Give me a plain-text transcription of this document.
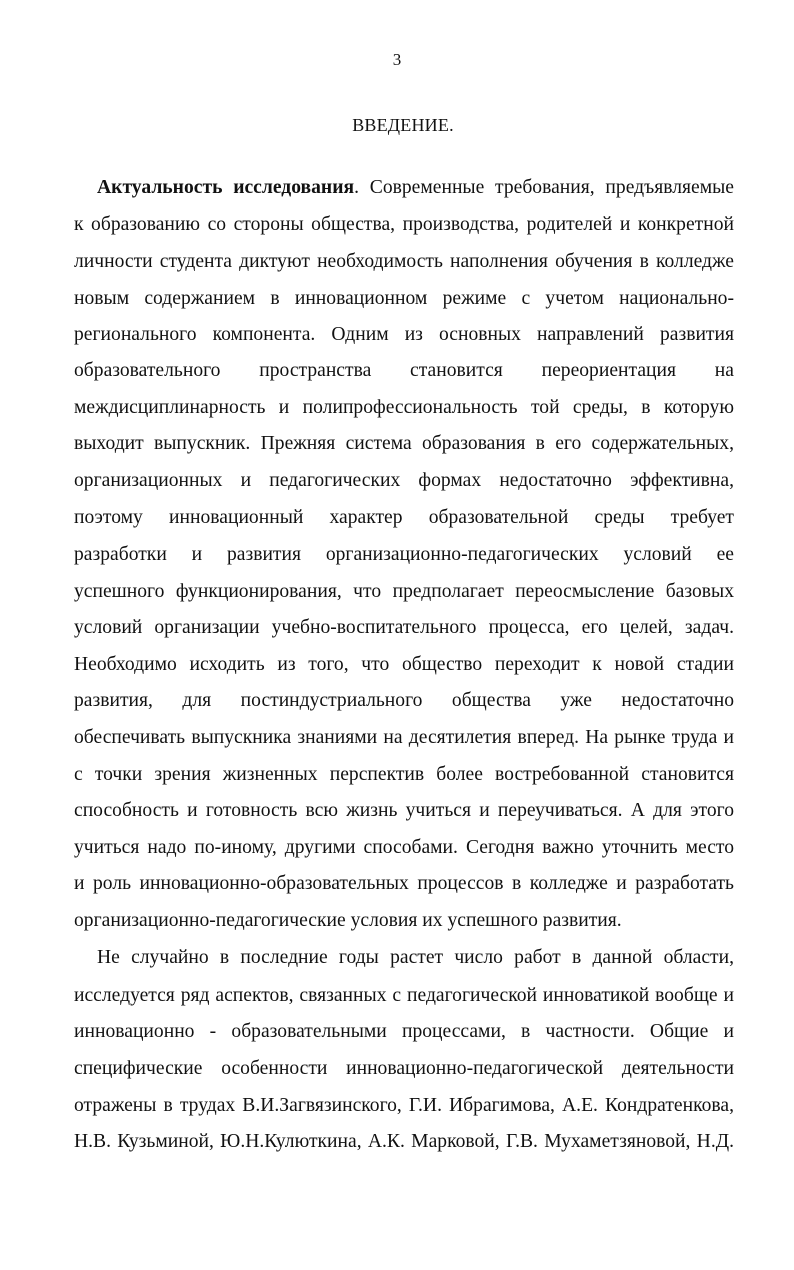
3
ВВЕДЕНИЕ.
Актуальность исследования. Современные требования, предъявляемые
к образованию со стороны общества, производства, родителей и конкретной
личности студента диктуют необходимость наполнения обучения в колледже
новым содержанием в инновационном режиме с учетом национально-
регионального компонента. Одним из основных направлений развития
образовательного пространства становится переориентация на
междисциплинарность и полипрофессиональность той среды, в которую
выходит выпускник. Прежняя система образования в его содержательных,
организационных и педагогических формах недостаточно эффективна,
поэтому инновационный характер образовательной среды требует
разработки и развития организационно-педагогических условий ее
успешного функционирования, что предполагает переосмысление базовых
условий организации учебно-воспитательного процесса, его целей, задач.
Необходимо исходить из того, что общество переходит к новой стадии
развития, для постиндустриального общества уже недостаточно
обеспечивать выпускника знаниями на десятилетия вперед. На рынке труда и
с точки зрения жизненных перспектив более востребованной становится
способность и готовность всю жизнь учиться и переучиваться. А для этого
учиться надо по-иному, другими способами. Сегодня важно уточнить место
и роль инновационно-образовательных процессов в колледже и разработать
организационно-педагогические условия их успешного развития.
Не случайно в последние годы растет число работ в данной области,
исследуется ряд аспектов, связанных с педагогической инноватикой вообще и
инновационно - образовательными процессами, в частности. Общие и
специфические особенности инновационно-педагогической деятельности
отражены в трудах В.И.Загвязинского, Г.И. Ибрагимова, А.Е. Кондратенкова,
Н.В. Кузьминой, Ю.Н.Кулюткина, А.К. Марковой, Г.В. Мухаметзяновой, Н.Д.
